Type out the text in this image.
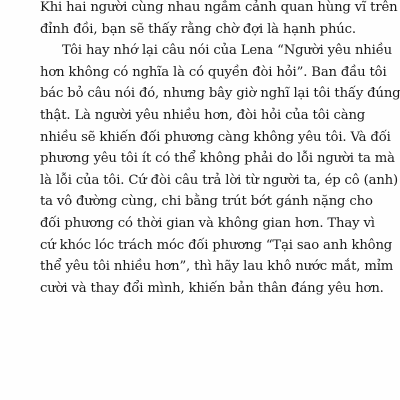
Khi hai người cùng nhau ngắm cảnh quan hùng vĩ trên
đỉnh đồi, bạn sẽ thấy rằng chờ đợi là hạnh phúc.
Tôi hay nhớ lại câu nói của Lena “Người yêu nhiều
hơn không có nghĩa là có quyền đòi hỏi”. Ban đầu tôi
bác bỏ câu nói đó, nhưng bây giờ nghĩ lại tôi thấy đúng
thật. Là người yêu nhiều hơn, đòi hỏi của tôi càng
nhiều sẽ khiến đối phương càng không yêu tôi. Và đối
phương yêu tôi ít có thể không phải do lỗi người ta mà
là lỗi của tôi. Cứ đòi câu trả lời từ người ta, ép cô (anh)
ta vô đường cùng, chi bằng trút bớt gánh nặng cho
đối phương có thời gian và không gian hơn. Thay vì
cứ khóc lóc trách móc đối phương “Tại sao anh không
thể yêu tôi nhiều hơn”, thì hãy lau khô nước mắt, mỉm
cười và thay đổi mình, khiến bản thân đáng yêu hơn.
